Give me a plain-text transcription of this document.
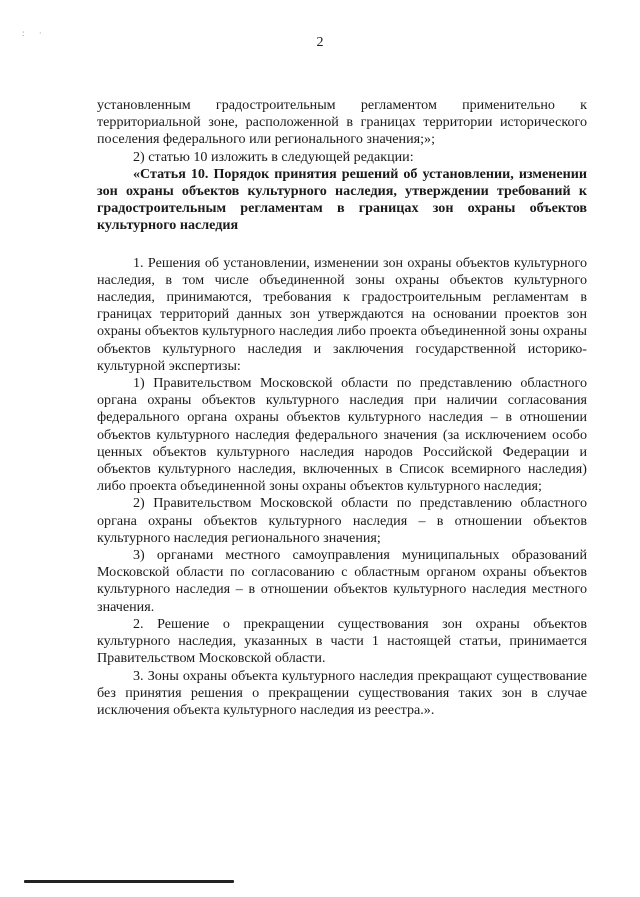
: ·
2

установленным градостроительным регламентом применительно к территориальной зоне, расположенной в границах территории исторического поселения федерального или регионального значения;»;

2) статью 10 изложить в следующей редакции:

«Статья 10. Порядок принятия решений об установлении, изменении зон охраны объектов культурного наследия, утверждении требований к градостроительным регламентам в границах зон охраны объектов культурного наследия

1. Решения об установлении, изменении зон охраны объектов культурного наследия, в том числе объединенной зоны охраны объектов культурного наследия, принимаются, требования к градостроительным регламентам в границах территорий данных зон утверждаются на основании проектов зон охраны объектов культурного наследия либо проекта объединенной зоны охраны объектов культурного наследия и заключения государственной историко-культурной экспертизы:

1) Правительством Московской области по представлению областного органа охраны объектов культурного наследия при наличии согласования федерального органа охраны объектов культурного наследия – в отношении объектов культурного наследия федерального значения (за исключением особо ценных объектов культурного наследия народов Российской Федерации и объектов культурного наследия, включенных в Список всемирного наследия) либо проекта объединенной зоны охраны объектов культурного наследия;

2) Правительством Московской области по представлению областного органа охраны объектов культурного наследия – в отношении объектов культурного наследия регионального значения;

3) органами местного самоуправления муниципальных образований Московской области по согласованию с областным органом охраны объектов культурного наследия – в отношении объектов культурного наследия местного значения.

2. Решение о прекращении существования зон охраны объектов культурного наследия, указанных в части 1 настоящей статьи, принимается Правительством Московской области.

3. Зоны охраны объекта культурного наследия прекращают существование без принятия решения о прекращении существования таких зон в случае исключения объекта культурного наследия из реестра.».
